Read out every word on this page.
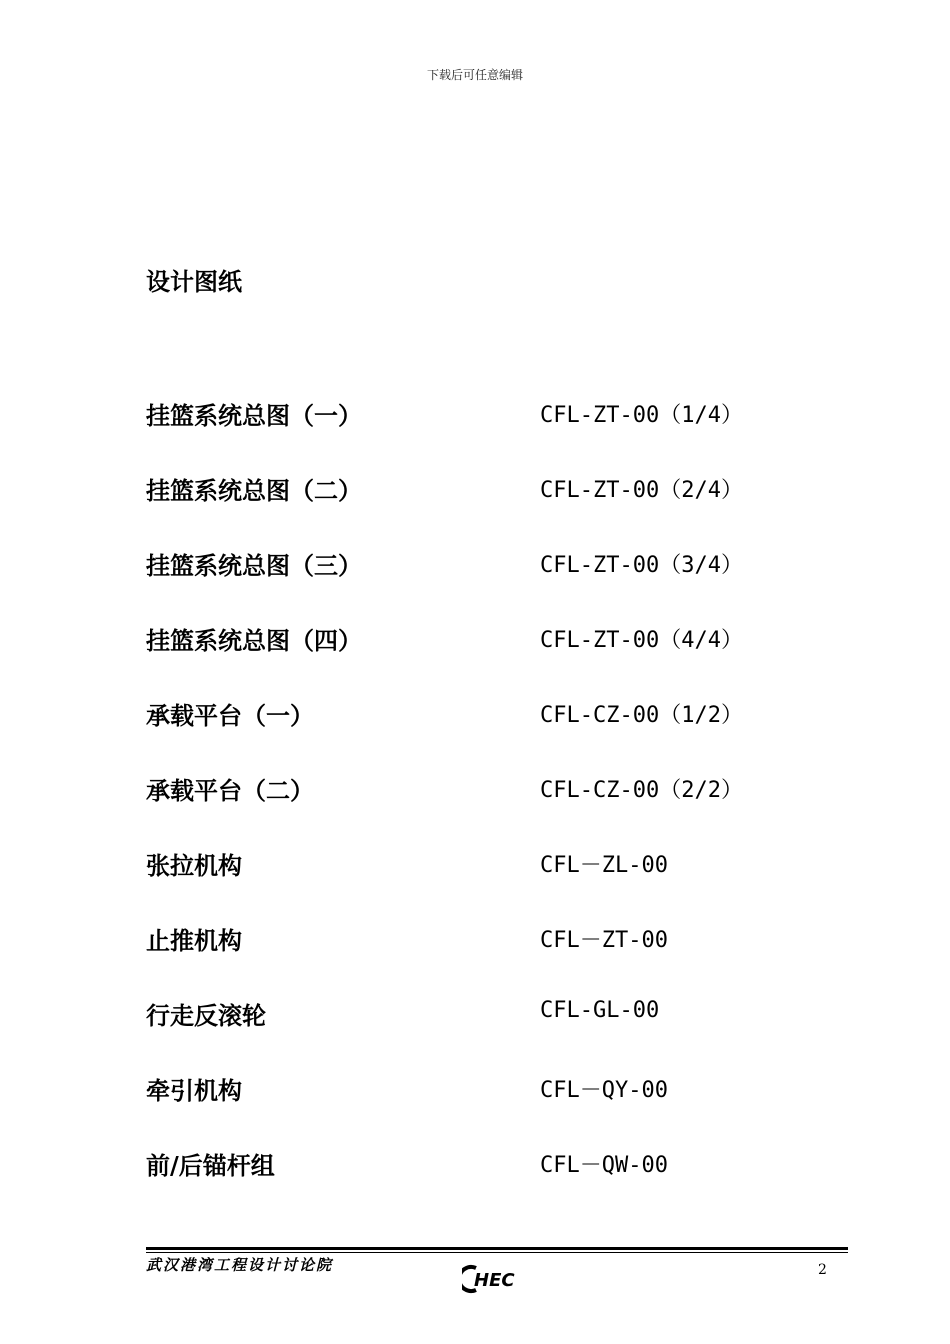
下载后可任意编辑
设计图纸
挂篮系统总图（一）	CFL-ZT-00（1/4）
挂篮系统总图（二）	CFL-ZT-00（2/4）
挂篮系统总图（三）	CFL-ZT-00（3/4）
挂篮系统总图（四）	CFL-ZT-00（4/4）
承载平台（一）	CFL-CZ-00（1/2）
承载平台（二）	CFL-CZ-00（2/2）
张拉机构	CFL－ZL-00
止推机构	CFL－ZT-00
行走反滚轮	CFL-GL-00
牵引机构	CFL－QY-00
前/后锚杆组	CFL－QW-00
武汉港湾工程设计讨论院
HEC	2
